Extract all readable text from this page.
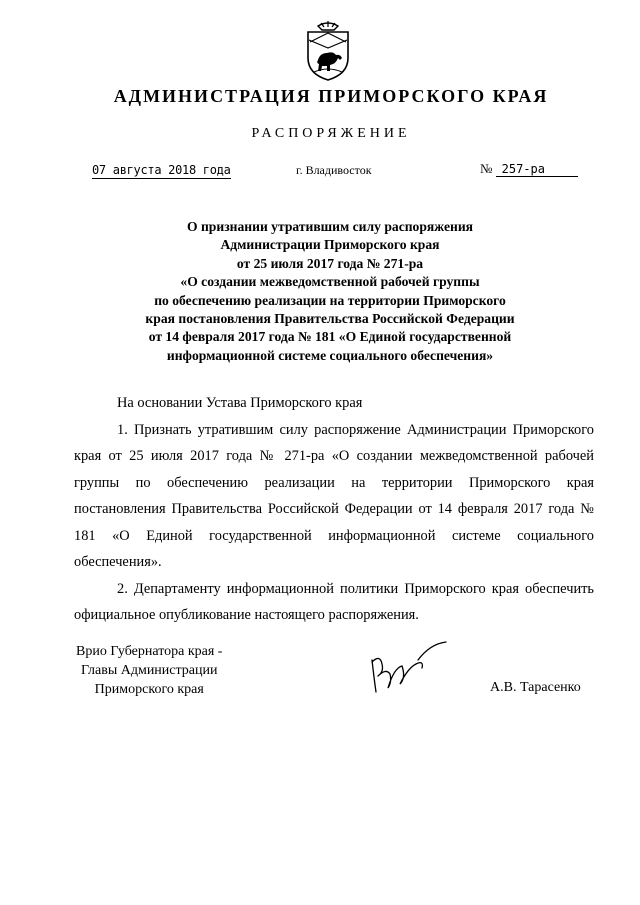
АДМИНИСТРАЦИЯ ПРИМОРСКОГО КРАЯ
РАСПОРЯЖЕНИЕ
07 августа 2018 года	г. Владивосток	№ 257-ра
О признании утратившим силу распоряжения
Администрации Приморского края
от 25 июля 2017 года № 271-ра
«О создании межведомственной рабочей группы
по обеспечению реализации на территории Приморского
края постановления Правительства Российской Федерации
от 14 февраля 2017 года № 181 «О Единой государственной
информационной системе социального обеспечения»

На основании Устава Приморского края

1. Признать утратившим силу распоряжение Администрации Приморского края от 25 июля 2017 года № 271-ра «О создании межведомственной рабочей группы по обеспечению реализации на территории Приморского края постановления Правительства Российской Федерации от 14 февраля 2017 года № 181 «О Единой государственной информационной системе социального обеспечения».

2. Департаменту информационной политики Приморского края обеспечить официальное опубликование настоящего распоряжения.

Врио Губернатора края -
Главы Администрации
Приморского края	А.В. Тарасенко
